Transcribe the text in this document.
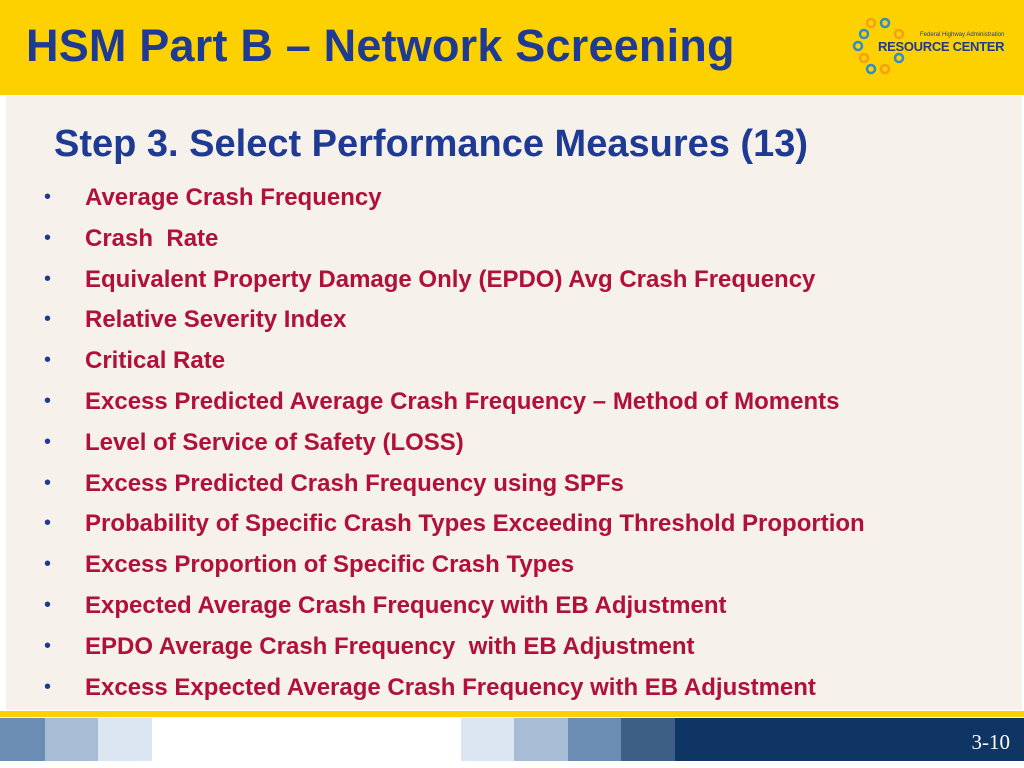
HSM Part B – Network Screening	Federal Highway Administration
RESOURCE CENTER
Step 3. Select Performance Measures (13)
• Average Crash Frequency
• Crash  Rate
• Equivalent Property Damage Only (EPDO) Avg Crash Frequency
• Relative Severity Index
• Critical Rate
• Excess Predicted Average Crash Frequency – Method of Moments
• Level of Service of Safety (LOSS)
• Excess Predicted Crash Frequency using SPFs
• Probability of Specific Crash Types Exceeding Threshold Proportion
• Excess Proportion of Specific Crash Types
• Expected Average Crash Frequency with EB Adjustment
• EPDO Average Crash Frequency  with EB Adjustment
• Excess Expected Average Crash Frequency with EB Adjustment
3-10
